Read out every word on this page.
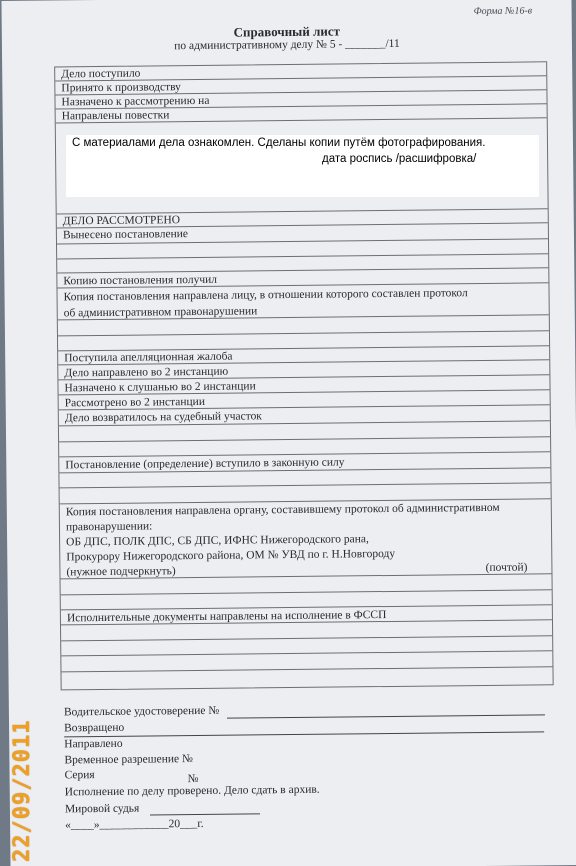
Форма №16-в
Справочный лист
по административному делу № 5 - _______/11
Дело поступило
Принято к производству
Назначено к рассмотрению на
Направлены повестки
ДЕЛО РАССМОТРЕНО
Вынесено постановление
Копию постановления получил
Копия постановления направлена лицу, в отношении которого составлен протокол
об административном правонарушении
Поступила апелляционная жалоба
Дело направлено во 2 инстанцию
Назначено к слушанью во 2 инстанции
Рассмотрено во 2 инстанции
Дело возвратилось на судебный участок
Постановление (определение) вступило в законную силу
Копия постановления направлена органу, составившему протокол об административном
правонарушении:
ОБ ДПС, ПОЛК ДПС, СБ ДПС, ИФНС Нижегородского рана,
Прокурору Нижегородского района, ОМ № УВД по г. Н.Новгороду
(нужное подчеркнуть)	(почтой)
Исполнительные документы направлены на исполнение в ФССП
Водительское удостоверение №
Возвращено
Направлено
Временное разрешение №
Серия	№
Исполнение по делу проверено. Дело сдать в архив.
Мировой судья
«____»____________20___г.
С материалами дела ознакомлен. Сделаны копии путём фотографирования.
дата роспись /расшифровка/
22/09/2011
